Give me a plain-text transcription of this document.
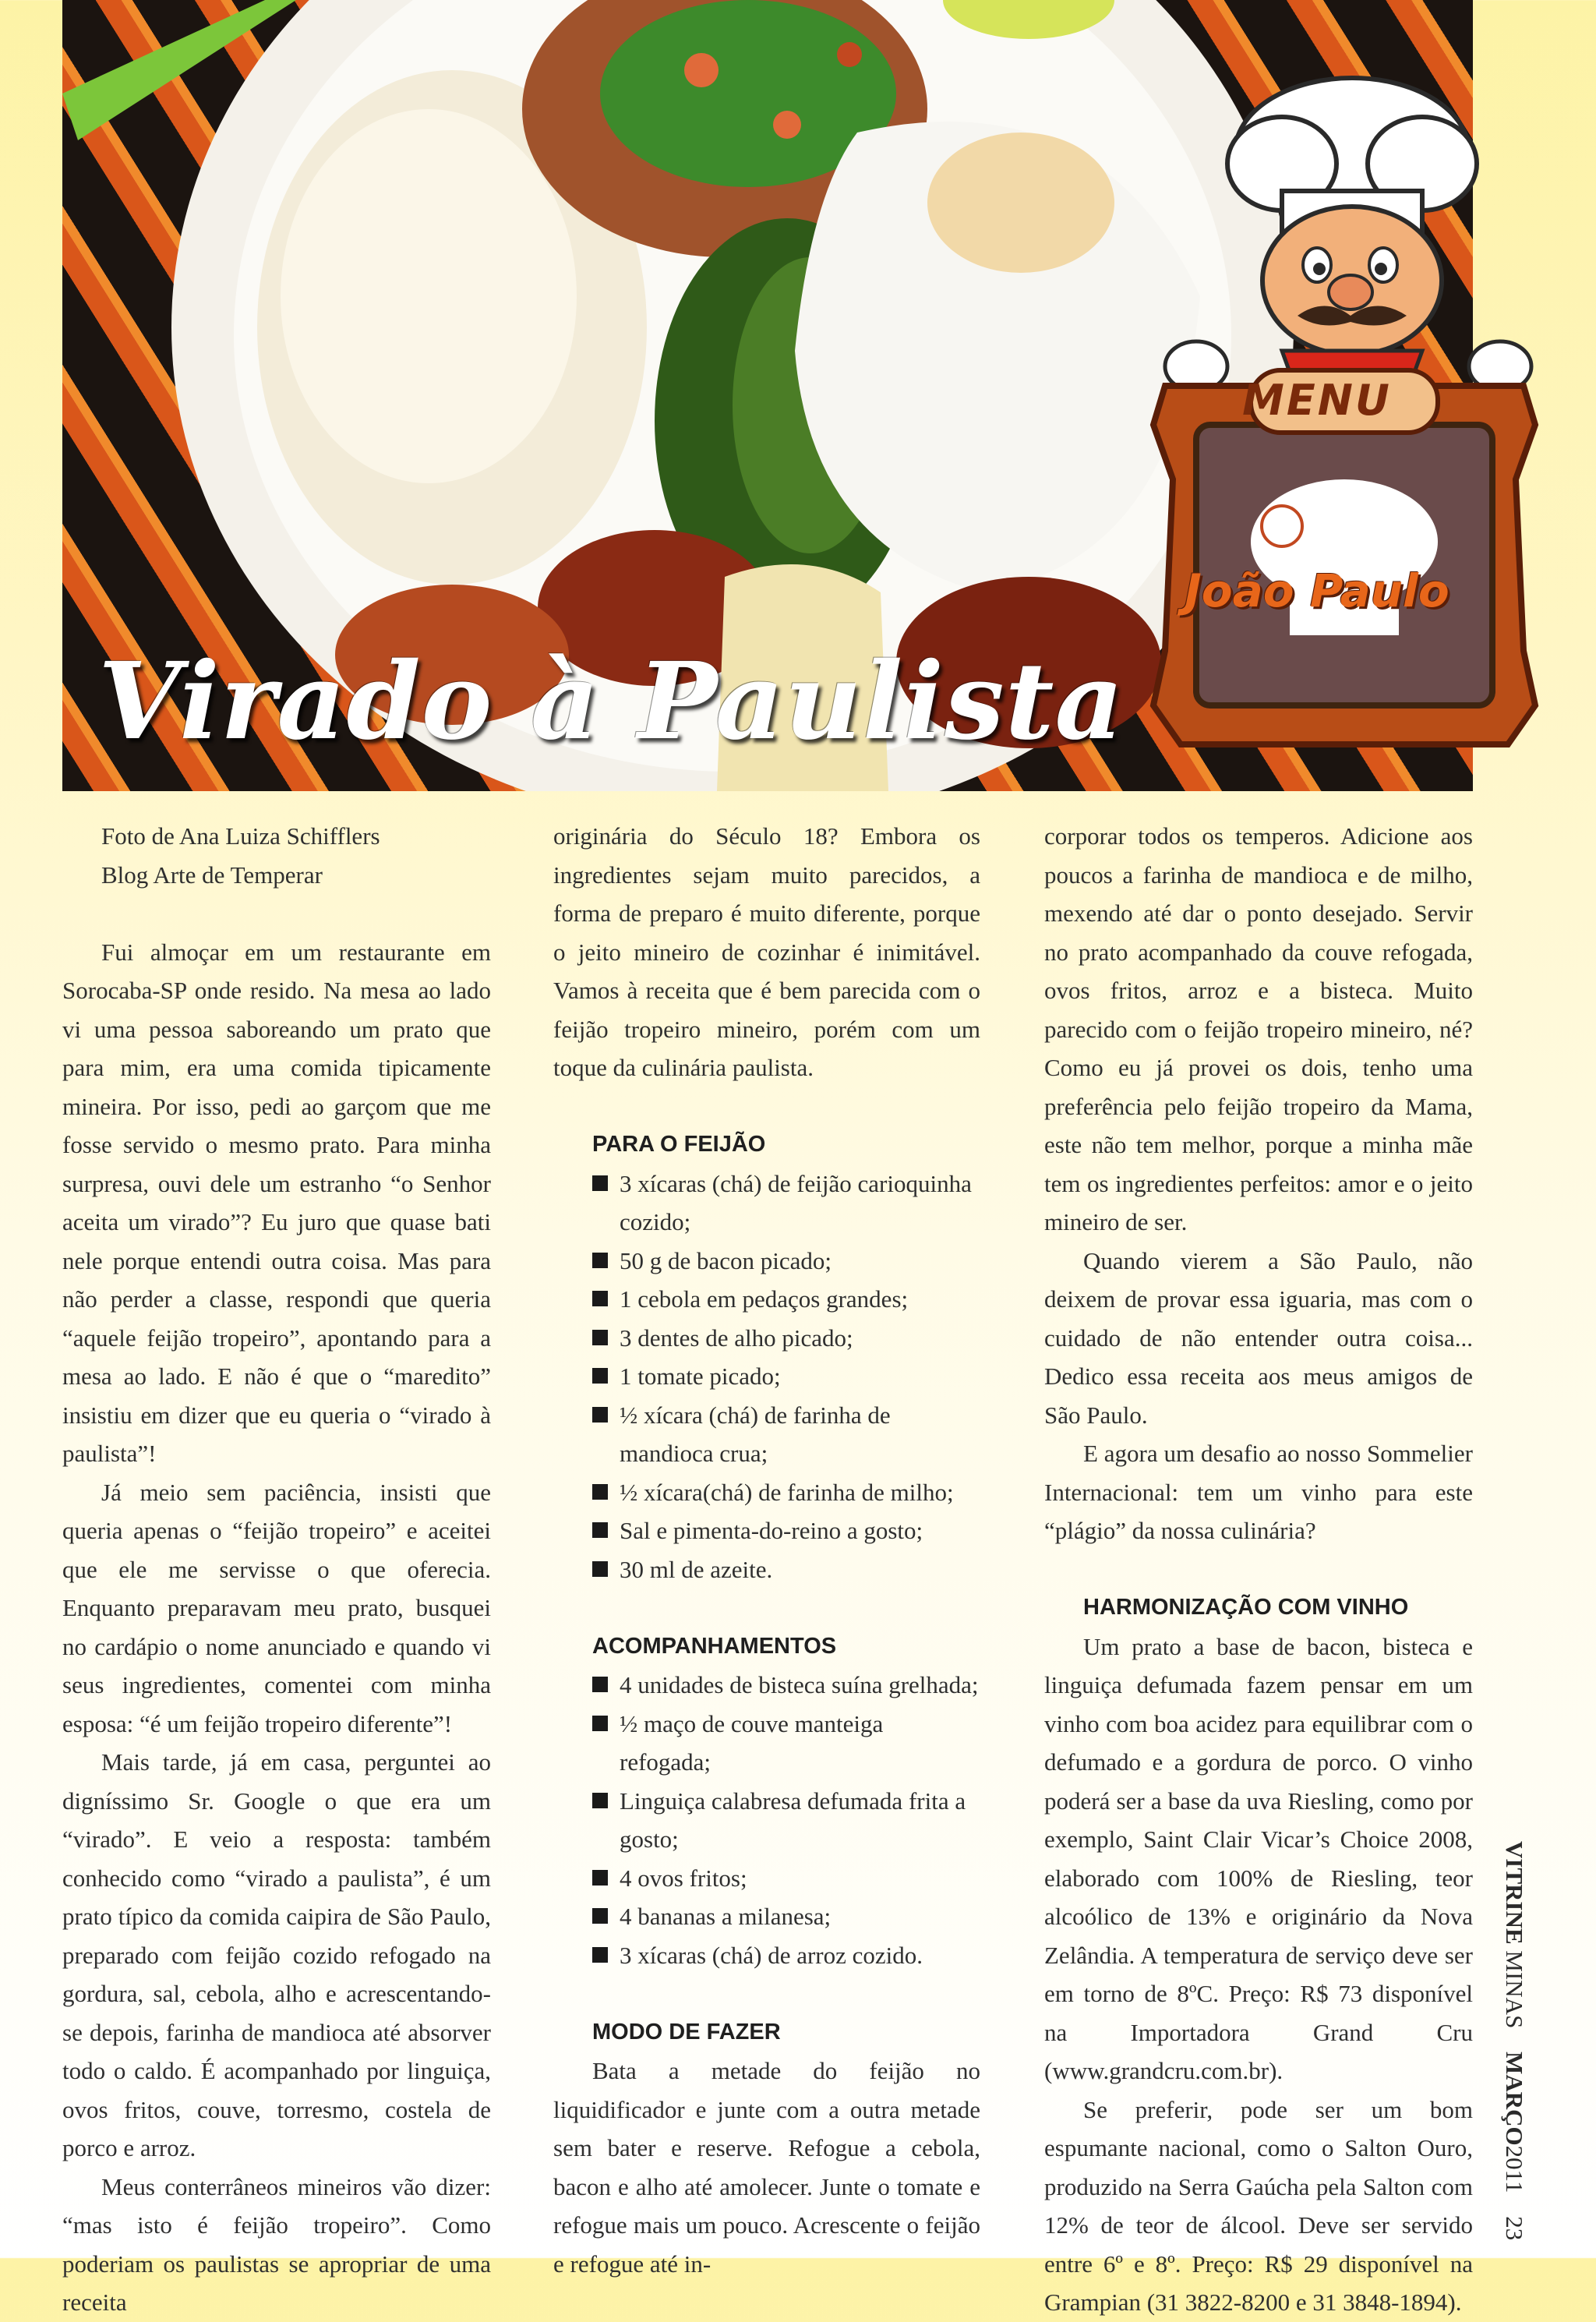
Virado à Paulista
MENU
João Paulo
Foto de Ana Luiza Schifflers
Blog Arte de Temperar

Fui almoçar em um restaurante em Sorocaba-SP onde resido. Na mesa ao lado vi uma pessoa saboreando um prato que para mim, era uma comida tipicamente mineira. Por isso, pedi ao garçom que me fosse servido o mesmo prato. Para minha surpresa, ouvi dele um estranho “o Senhor aceita um virado”? Eu juro que quase bati nele porque entendi outra coisa. Mas para não perder a classe, respondi que queria “aquele feijão tropeiro”, apontando para a mesa ao lado. E não é que o “maredito” insistiu em dizer que eu queria o “virado à paulista”!

Já meio sem paciência, insisti que queria apenas o “feijão tropeiro” e aceitei que ele me servisse o que oferecia. Enquanto preparavam meu prato, busquei no cardápio o nome anunciado e quando vi seus ingredientes, comentei com minha esposa: “é um feijão tropeiro diferente”!

Mais tarde, já em casa, perguntei ao digníssimo Sr. Google o que era um “virado”. E veio a resposta: também conhecido como “virado a paulista”, é um prato típico da comida caipira de São Paulo, preparado com feijão cozido refogado na gordura, sal, cebola, alho e acrescentando-se depois, farinha de mandioca até absorver todo o caldo. É acompanhado por linguiça, ovos fritos, couve, torresmo, costela de porco e arroz.

Meus conterrâneos mineiros vão dizer: “mas isto é feijão tropeiro”. Como poderiam os paulistas se apropriar de uma receita

originária do Século 18? Embora os ingredientes sejam muito parecidos, a forma de preparo é muito diferente, porque o jeito mineiro de cozinhar é inimitável. Vamos à receita que é bem parecida com o feijão tropeiro mineiro, porém com um toque da culinária paulista.

PARA O FEIJÃO
3 xícaras (chá) de feijão carioquinha cozido;
50 g de bacon picado;
1 cebola em pedaços grandes;
3 dentes de alho picado;
1 tomate picado;
½ xícara (chá) de farinha de mandioca crua;
½ xícara(chá) de farinha de milho;
Sal e pimenta-do-reino a gosto;
30 ml de azeite.
ACOMPANHAMENTOS
4 unidades de bisteca suína grelhada;
½ maço de couve manteiga refogada;
Linguiça calabresa defumada frita a gosto;
4 ovos fritos;
4 bananas a milanesa;
3 xícaras (chá) de arroz cozido.
MODO DE FAZER

Bata a metade do feijão no liquidificador e junte com a outra metade sem bater e reserve. Refogue a cebola, bacon e alho até amolecer. Junte o tomate e refogue mais um pouco. Acrescente o feijão e refogue até in-

corporar todos os temperos. Adicione aos poucos a farinha de mandioca e de milho, mexendo até dar o ponto desejado. Servir no prato acompanhado da couve refogada, ovos fritos, arroz e a bisteca. Muito parecido com o feijão tropeiro mineiro, né? Como eu já provei os dois, tenho uma preferência pelo feijão tropeiro da Mama, este não tem melhor, porque a minha mãe tem os ingredientes perfeitos: amor e o jeito mineiro de ser.

Quando vierem a São Paulo, não deixem de provar essa iguaria, mas com o cuidado de não entender outra coisa... Dedico essa receita aos meus amigos de São Paulo.

E agora um desafio ao nosso Sommelier Internacional: tem um vinho para este “plágio” da nossa culinária?

HARMONIZAÇÃO COM VINHO

Um prato a base de bacon, bisteca e linguiça defumada fazem pensar em um vinho com boa acidez para equilibrar com o defumado e a gordura de porco. O vinho poderá ser a base da uva Riesling, como por exemplo, Saint Clair Vicar’s Choice 2008, elaborado com 100% de Riesling, teor alcoólico de 13% e originário da Nova Zelândia. A temperatura de serviço deve ser em torno de 8ºC. Preço: R$ 73 disponível na Importadora Grand Cru (www.grandcru.com.br).

Se preferir, pode ser um bom espumante nacional, como o Salton Ouro, produzido na Serra Gaúcha pela Salton com 12% de teor de álcool. Deve ser servido entre 6º e 8º. Preço: R$ 29 disponível na Grampian (31 3822-8200 e 31 3848-1894).

VITRINE MINAS MARÇO2011 23
